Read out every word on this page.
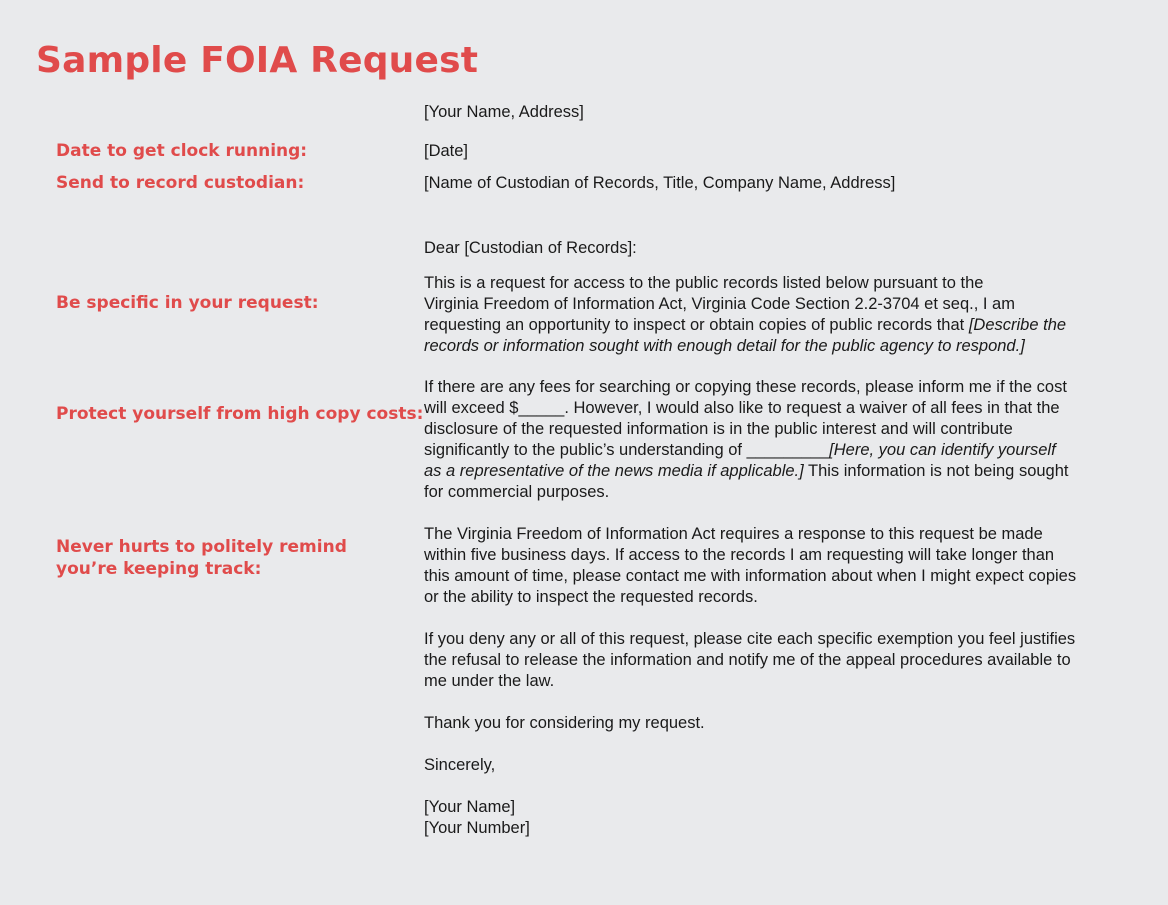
Sample FOIA Request
Date to get clock running:
Send to record custodian:
Be specific in your request:
Protect yourself from high copy costs:
Never hurts to politely remind
you’re keeping track:
[Your Name, Address]
[Date]
[Name of Custodian of Records, Title, Company Name, Address]
Dear [Custodian of Records]:
This is a request for access to the public records listed below pursuant to the
Virginia Freedom of Information Act, Virginia Code Section 2.2-3704 et seq., I am
requesting an opportunity to inspect or obtain copies of public records that [Describe the
records or information sought with enough detail for the public agency to respond.]
If there are any fees for searching or copying these records, please inform me if the cost
will exceed $_____. However, I would also like to request a waiver of all fees in that the
disclosure of the requested information is in the public interest and will contribute
significantly to the public’s understanding of _________[Here, you can identify yourself
as a representative of the news media if applicable.] This information is not being sought
for commercial purposes.
The Virginia Freedom of Information Act requires a response to this request be made
within five business days. If access to the records I am requesting will take longer than
this amount of time, please contact me with information about when I might expect copies
or the ability to inspect the requested records.
If you deny any or all of this request, please cite each specific exemption you feel justifies
the refusal to release the information and notify me of the appeal procedures available to
me under the law.
Thank you for considering my request.
Sincerely,
[Your Name]
[Your Number]
